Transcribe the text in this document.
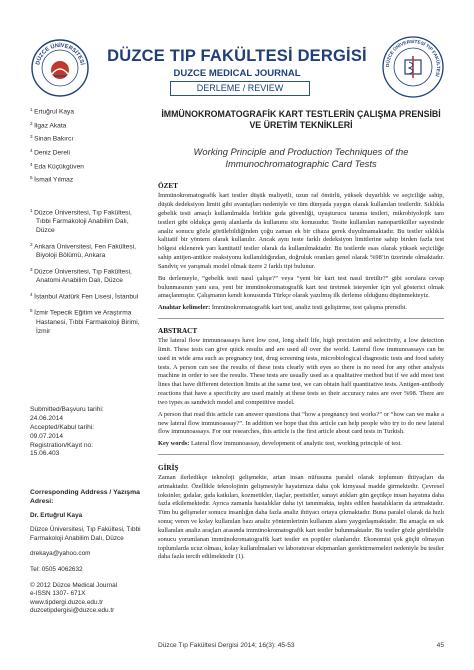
DÜZCE ÜNİVERSİTESİ	DÜZCE TIP FAKÜLTESİ DERGİSİ
DUZCE MEDICAL JOURNAL
DERLEME / REVIEW
DÜZCE ÜNİVERSİTESİ TIP FAKÜLTESİ
$^1$ Ertuğrul Kaya
$^2$ Ilgaz Akata
$^3$ Sinan Bakırcı
$^4$ Deniz Dereli
$^4$ Eda Küçükgüven
$^5$ İsmail Yılmaz
$^1$ Düzce Üniversitesi, Tıp Fakültesi, Tıbbi Farmakoloji Anabilim Dalı, Düzce
$^2$ Ankara Üniversitesi, Fen Fakültesi, Biyoloji Bölümü, Ankara
$^3$ Düzce Üniversitesi, Tıp Fakültesi, Anatomi Anabilim Dalı, Düzce
$^4$ İstanbul Atatürk Fen Lisesi, İstanbul
$^5$ İzmir Tepecik Eğitim ve Araştırma Hastanesi, Tıbbi Farmakoloji Birimi, İzmir
Submitted/Başvuru tarihi:
24.06.2014
Accepted/Kabul tarihi:
09.07.2014
Registration/Kayıt no:
15.06.403
Corresponding Address / Yazışma Adresi:
Dr. Ertuğrul Kaya
Düzce Üniversitesi, Tıp Fakültesi, Tıbbi Farmakoloji Anabilim Dalı, Düzce
drekaya@yahoo.com
Tel: 0505 4062632
© 2012 Düzce Medical Journal
e-ISSN 1307- 671X
www.tipdergi.duzce.edu.tr
duzcetipdergisi@duzce.edu.tr
İMMÜNOKROMATOGRAFİK KART TESTLERİN ÇALIŞMA PRENSİBİ VE ÜRETİM TEKNİKLERİ
Working Principle and Production Techniques of the Immunochromatographic Card Tests
ÖZET

İmmünokromatografik kart testler düşük maliyetli, uzun raf ömürlü, yüksek duyarlılık ve seçiciliğe sahip, düşük dedeksiyon limiti gibi avantajları nedeniyle ve tüm dünyada yaygın olarak kullanılan testlerdir. Sıklıkla gebelik testi amaçlı kullanılmakla birlikte gıda güvenliği, uyuşturucu tarama testleri, mikrobiyolojik tanı testleri gibi oldukça geniş alanlarda da kullanımı söz konusudur. Testte kullanılan nanopartiküller sayesinde analiz sonucu gözle görülebildiğinden çoğu zaman ek bir cihaza gerek duyulmamaktadır. Bu testler sıklıkla kalitatif bir yöntem olarak kullanılır. Ancak aynı teste farklı dedeksiyon limitlerine sahip birden fazla test bölgesi eklenerek yarı kantitatif testler olarak da kullanılmaktadır. Bu testlerde esas olarak yüksek seçiciliğe sahip antijen-antikor reaksiyonu kullanıldığından, doğruluk oranları genel olarak %98’in üzerinde olmaktadır. Sandviç ve yarışmalı model olmak üzere 2 farklı tipi bulunur.

Bu derlemeyle, “gebelik testi nasıl çalışır?” veya “yeni bir kart test nasıl üretilir?” gibi sorulara cevap bulunmasının yanı sıra, yeni bir immünokromatografik kart test üretmek isteyenler için yol gösterici olmak amaçlanmıştır. Çalışmanın kendi konusunda Türkçe olarak yazılmış ilk derleme olduğunu düşünmekteyiz.

Anahtar kelimeler: İmmünokromatografik kart test, analiz testi geliştirme, test çalışma prensibi.

ABSTRACT

The lateral flow immunoassays have low cost, long shelf life, high precision and selectivity, a low detection limit. These tests can give quick results and are used all over the world. Lateral flow immunoassays can be used in wide area such as pregnancy test, drug screening tests, microbiological diagnostic tests and food safety tests. A person can see the results of these tests clearly with eyes so there is no need for any other analysis machine in order to see the results. These tests are usually used as a qualitative method but if we add most test lines that have different detection limits at the same test, we can obtain half quantitative tests. Antigen-antibody reactions that have a specificity are used mainly at these tests so their accuracy rates are over %98. There are two types as sandwich model and competitive model.

A person that read this article can answer questions that “how a pregnancy test works?” or “how can we make a new lateral flow immunoassay?”. In addition we hope that this article can help people who try to do new lateral flow immunoassays. For our researches, this article is the first article about card tests in Turkish.

Key words: Lateral flow immunoassay, development of analytic test, working principle of test.

GİRİŞ

Zaman ilerledikçe teknoloji gelişmekte, artan insan nüfusuna paralel olarak toplumun ihtiyaçları da artmaktadır. Özellikle teknolojinin gelişmesiyle hayatımıza daha çok kimyasal madde girmektedir. Çevresel toksinler, gıdalar, gıda katkıları, kozmetikler, ilaçlar, pestisitler, sanayi atıkları gün geçtikçe insan hayatına daha fazla etkilemektedir. Ayrıca zamanla hastalıklar daha iyi tanınmakta, teşhis edilen hastalıkların da artmaktadır. Tüm bu gelişmeler sonucu insanlığın daha fazla analiz ihtiyacı ortaya çıkmaktadır. Buna paralel olarak da hızlı sonuç veren ve kolay kullanılan bazı analiz yöntemlerinin kullanım alanı yaygınlaşmaktadır. Bu amaçla en sık kullanılan analiz araçları arasında immünokromatografik kart testler bulunmaktadır. Bu testler gözle görülebilir sonucu yorumlanan immünokromatografik kart testler en popüler olanlarıdır. Ekonomisi çok güçlü olmayan toplumlarda ucuz olması, kolay kullanılmaları ve laboratuvar ekipmanları gerektirmemeleri nedeniyle bu testler daha fazla tercih edilmektedir (1).

Düzce Tıp Fakültesi Dergisi 2014; 16(3): 45-53	45
